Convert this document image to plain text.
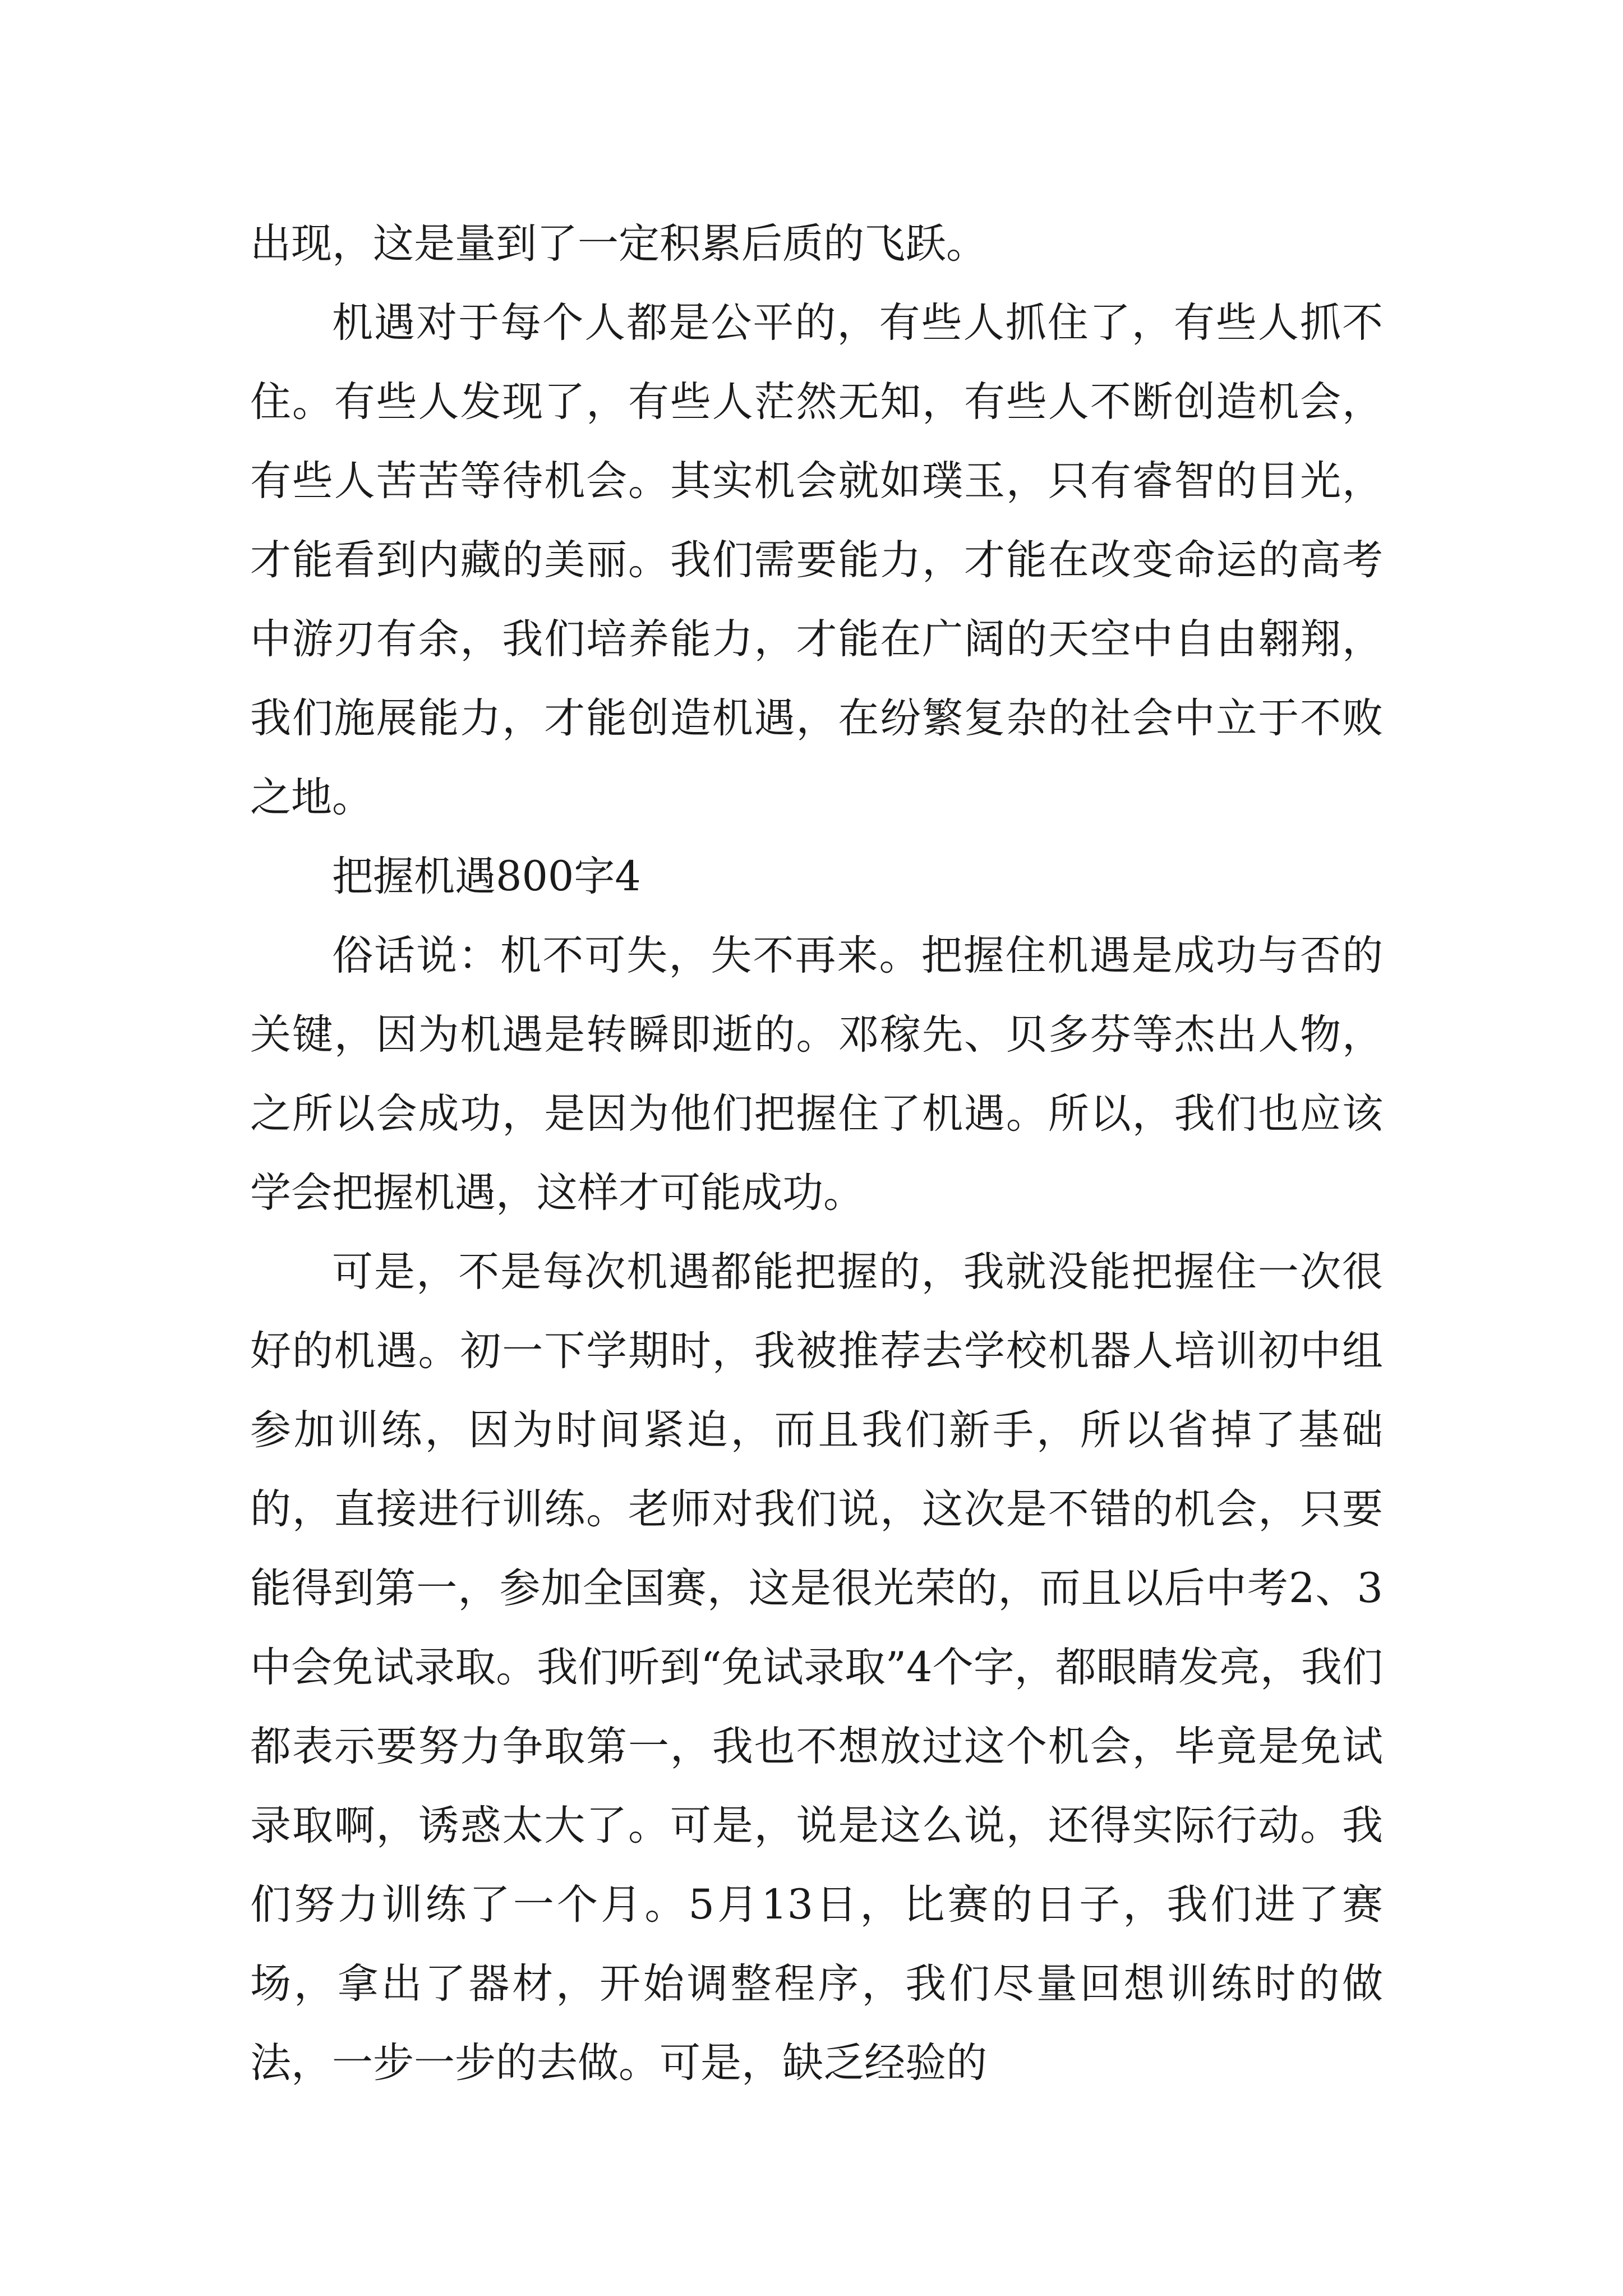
出现，这是量到了一定积累后质的飞跃。

机遇对于每个人都是公平的，有些人抓住了，有些人抓不住。有些人发现了，有些人茫然无知，有些人不断创造机会，有些人苦苦等待机会。其实机会就如璞玉，只有睿智的目光，才能看到内藏的美丽。我们需要能力，才能在改变命运的高考中游刃有余，我们培养能力，才能在广阔的天空中自由翱翔，我们施展能力，才能创造机遇，在纷繁复杂的社会中立于不败之地。

把握机遇800字4

俗话说：机不可失，失不再来。把握住机遇是成功与否的关键，因为机遇是转瞬即逝的。邓稼先、贝多芬等杰出人物，之所以会成功，是因为他们把握住了机遇。所以，我们也应该学会把握机遇，这样才可能成功。

可是，不是每次机遇都能把握的，我就没能把握住一次很好的机遇。初一下学期时，我被推荐去学校机器人培训初中组参加训练，因为时间紧迫，而且我们新手，所以省掉了基础的，直接进行训练。老师对我们说，这次是不错的机会，只要能得到第一，参加全国赛，这是很光荣的，而且以后中考2、3中会免试录取。我们听到“免试录取”4个字，都眼睛发亮，我们都表示要努力争取第一，我也不想放过这个机会，毕竟是免试录取啊，诱惑太大了。可是，说是这么说，还得实际行动。我们努力训练了一个月。5月13日，比赛的日子，我们进了赛场，拿出了器材，开始调整程序，我们尽量回想训练时的做法，一步一步的去做。可是，缺乏经验的
